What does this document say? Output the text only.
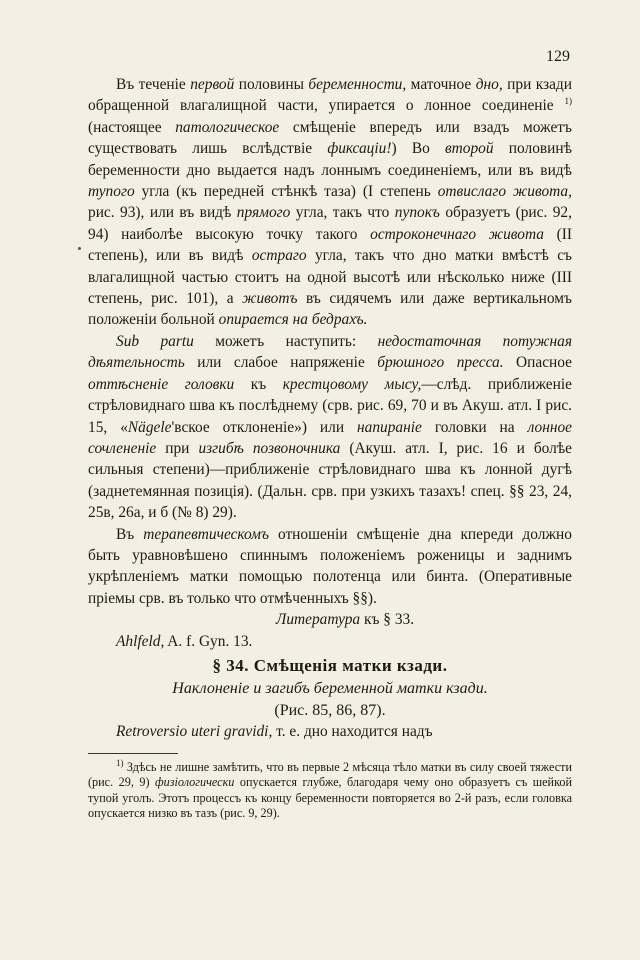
129

Въ теченіе первой половины беременности, маточное дно, при кзади обращенной влагалищной части, упирается о лонное соединеніе $^{1)}$ (настоящее патологическое смѣщеніе впередъ или взадъ можетъ существовать лишь вслѣдствіе фиксаціи!) Во второй половинѣ беременности дно выдается надъ лоннымъ соединеніемъ, или въ видѣ тупого угла (къ передней стѣнкѣ таза) (I степень отвислаго живота, рис. 93), или въ видѣ прямого угла, такъ что пупокъ образуетъ (рис. 92, 94) наиболѣе высокую точку такого остроконечнаго живота (II степень), или въ видѣ остраго угла, такъ что дно матки вмѣстѣ съ влагалищной частью стоитъ на одной высотѣ или нѣсколько ниже (III степень, рис. 101), а животъ въ сидячемъ или даже вертикальномъ положеніи больной опирается на бедрахъ.

Sub partu можетъ наступить: недостаточная потужная дѣятельность или слабое напряженіе брюшного пресса. Опасное оттѣсненіе головки къ крестцовому мысу,—слѣд. приближеніе стрѣловиднаго шва къ послѣднему (срв. рис. 69, 70 и въ Акуш. атл. I рис. 15, «Nägele'вское отклоненіе») или напираніе головки на лонное сочлененіе при изгибѣ позвоночника (Акуш. атл. I, рис. 16 и болѣе сильныя степени)—приближеніе стрѣловиднаго шва къ лонной дугѣ (заднетемянная позиція). (Дальн. срв. при узкихъ тазахъ! спец. §§ 23, 24, 25в, 26а, и б (№ 8) 29).

Въ терапевтическомъ отношеніи смѣщеніе дна кпереди должно быть уравновѣшено спиннымъ положеніемъ роженицы и заднимъ укрѣпленіемъ матки помощью полотенца или бинта. (Оперативные пріемы срв. въ только что отмѣченныхъ §§).

Литература къ § 33.

Ahlfeld, A. f. Gyn. 13.

§ 34. Смѣщенія матки кзади.

Наклоненіе и загибъ беременной матки кзади.

(Рис. 85, 86, 87).

Retroversio uteri gravidi, т. е. дно находится надъ

$^{1)}$ Здѣсь не лишне замѣтить, что въ первые 2 мѣсяца тѣло матки въ силу своей тяжести (рис. 29, 9) физіологически опускается глубже, благодаря чему оно образуетъ съ шейкой тупой уголъ. Этотъ процессъ къ концу беременности повторяется во 2-й разъ, если головка опускается низко въ тазъ (рис. 9, 29).
